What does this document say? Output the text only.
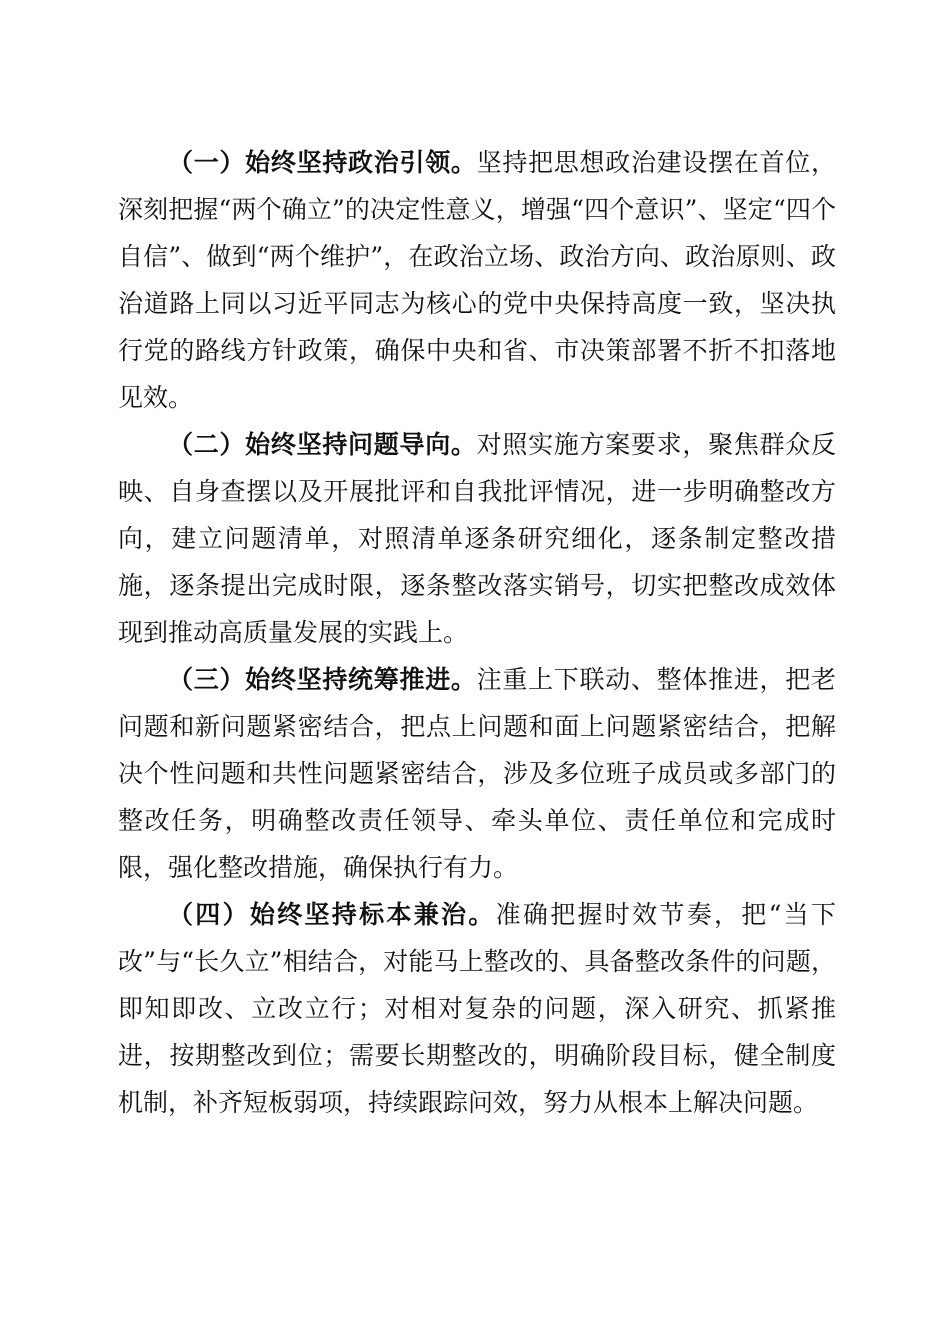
（一）始终坚持政治引领。坚持把思想政治建设摆在首位，深刻把握“两个确立”的决定性意义，增强“四个意识”、坚定“四个自信”、做到“两个维护”，在政治立场、政治方向、政治原则、政治道路上同以习近平同志为核心的党中央保持高度一致，坚决执行党的路线方针政策，确保中央和省、市决策部署不折不扣落地见效。

（二）始终坚持问题导向。对照实施方案要求，聚焦群众反映、自身查摆以及开展批评和自我批评情况，进一步明确整改方向，建立问题清单，对照清单逐条研究细化，逐条制定整改措施，逐条提出完成时限，逐条整改落实销号，切实把整改成效体现到推动高质量发展的实践上。

（三）始终坚持统筹推进。注重上下联动、整体推进，把老问题和新问题紧密结合，把点上问题和面上问题紧密结合，把解决个性问题和共性问题紧密结合，涉及多位班子成员或多部门的整改任务，明确整改责任领导、牵头单位、责任单位和完成时限，强化整改措施，确保执行有力。

（四）始终坚持标本兼治。准确把握时效节奏，把“当下改”与“长久立”相结合，对能马上整改的、具备整改条件的问题，即知即改、立改立行；对相对复杂的问题，深入研究、抓紧推进，按期整改到位；需要长期整改的，明确阶段目标，健全制度机制，补齐短板弱项，持续跟踪问效，努力从根本上解决问题。
